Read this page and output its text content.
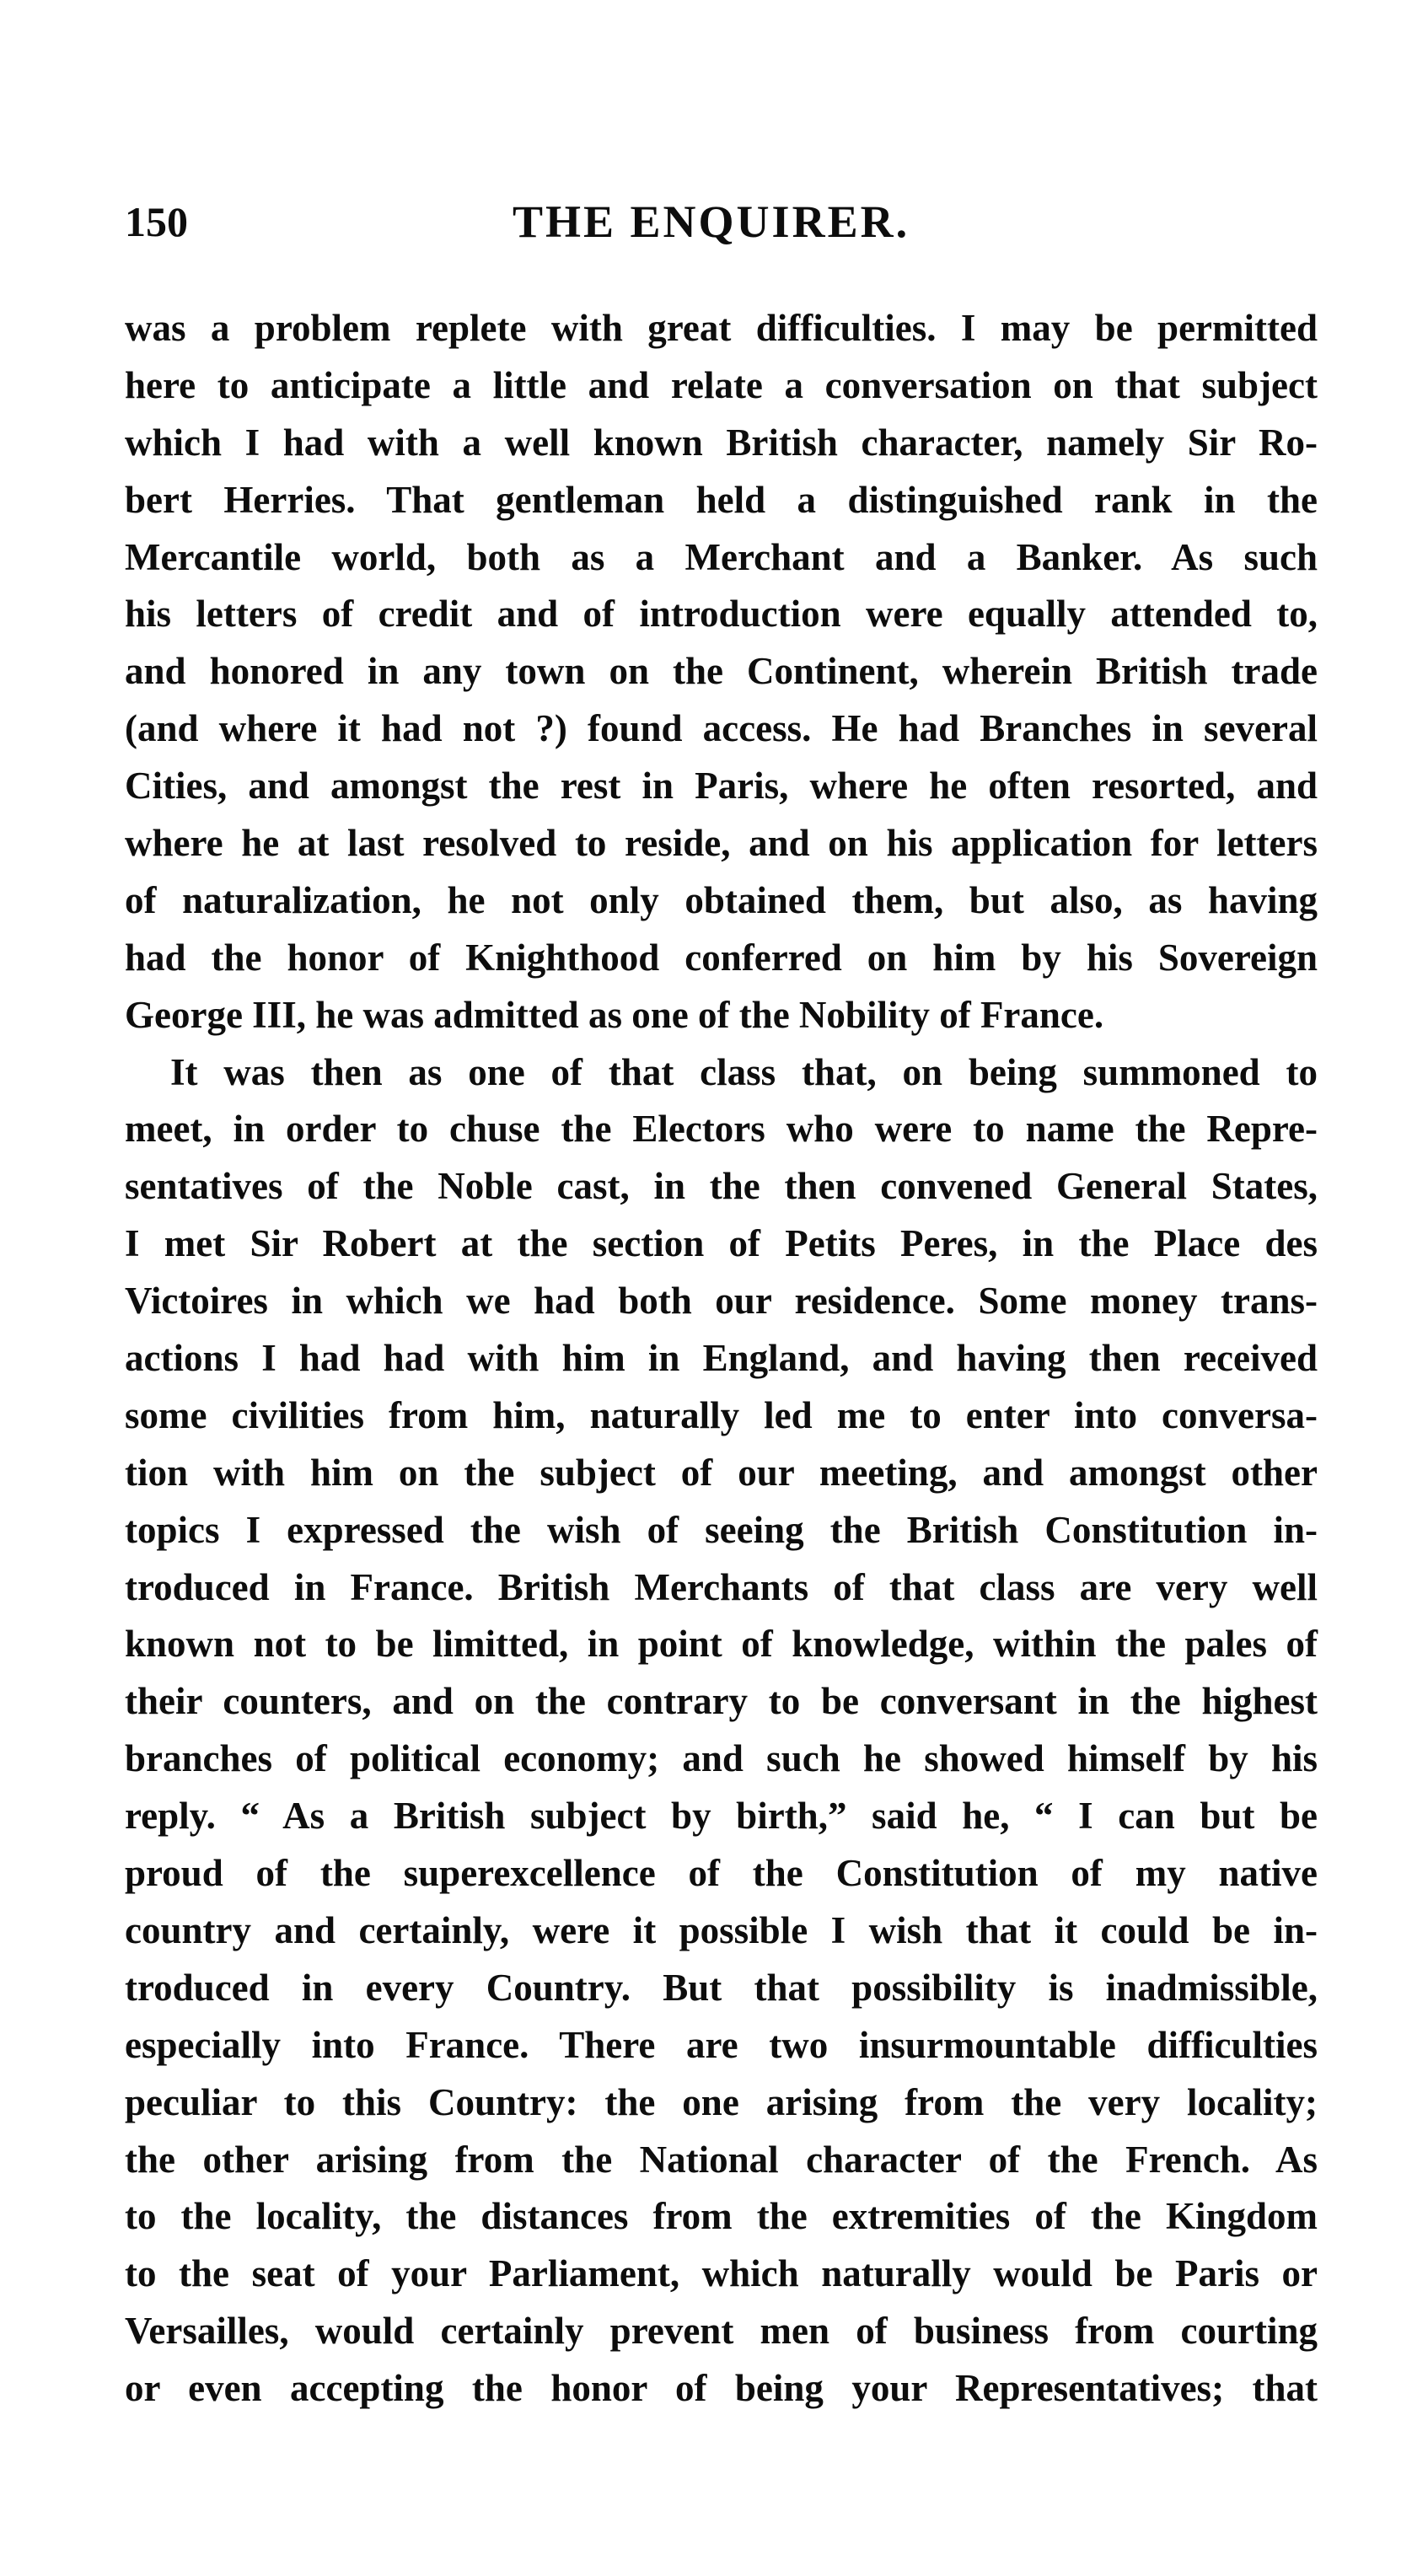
150	THE ENQUIRER.
was a problem replete with great difficulties. I may be permitted
here to anticipate a little and relate a conversation on that subject
which I had with a well known British character, namely Sir Ro-
bert Herries. That gentleman held a distinguished rank in the
Mercantile world, both as a Merchant and a Banker. As such
his letters of credit and of introduction were equally attended to,
and honored in any town on the Continent, wherein British trade
(and where it had not ?) found access. He had Branches in several
Cities, and amongst the rest in Paris, where he often resorted, and
where he at last resolved to reside, and on his application for letters
of naturalization, he not only obtained them, but also, as having
had the honor of Knighthood conferred on him by his Sovereign
George III, he was admitted as one of the Nobility of France.
It was then as one of that class that, on being summoned to
meet, in order to chuse the Electors who were to name the Repre-
sentatives of the Noble cast, in the then convened General States,
I met Sir Robert at the section of Petits Peres, in the Place des
Victoires in which we had both our residence. Some money trans-
actions I had had with him in England, and having then received
some civilities from him, naturally led me to enter into conversa-
tion with him on the subject of our meeting, and amongst other
topics I expressed the wish of seeing the British Constitution in-
troduced in France. British Merchants of that class are very well
known not to be limitted, in point of knowledge, within the pales of
their counters, and on the contrary to be conversant in the highest
branches of political economy; and such he showed himself by his
reply. “ As a British subject by birth,” said he, “ I can but be
proud of the superexcellence of the Constitution of my native
country and certainly, were it possible I wish that it could be in-
troduced in every Country. But that possibility is inadmissible,
especially into France. There are two insurmountable difficulties
peculiar to this Country: the one arising from the very locality;
the other arising from the National character of the French. As
to the locality, the distances from the extremities of the Kingdom
to the seat of your Parliament, which naturally would be Paris or
Versailles, would certainly prevent men of business from courting
or even accepting the honor of being your Representatives; that
